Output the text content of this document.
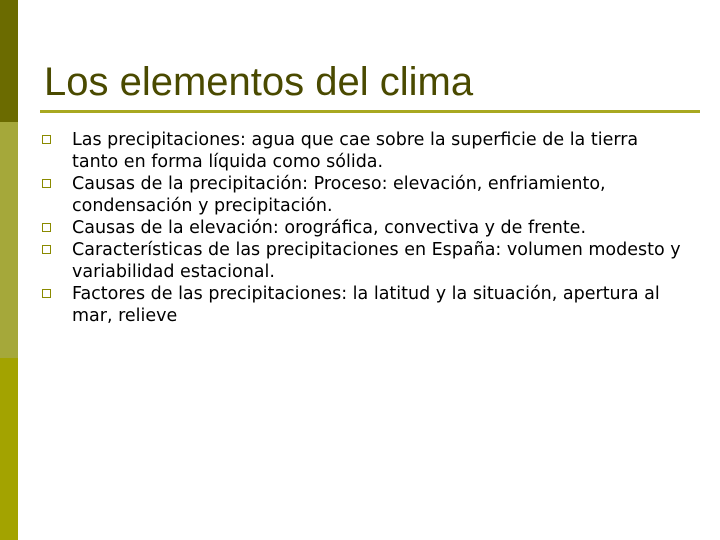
Los elementos del clima
Las precipitaciones: agua que cae sobre la superficie de la tierra tanto en forma líquida como sólida.
Causas de la precipitación: Proceso: elevación, enfriamiento, condensación y precipitación.
Causas de la elevación: orográfica, convectiva y de frente.
Características de las precipitaciones en España: volumen modesto y variabilidad estacional.
Factores de las precipitaciones: la latitud y la situación, apertura al mar, relieve
